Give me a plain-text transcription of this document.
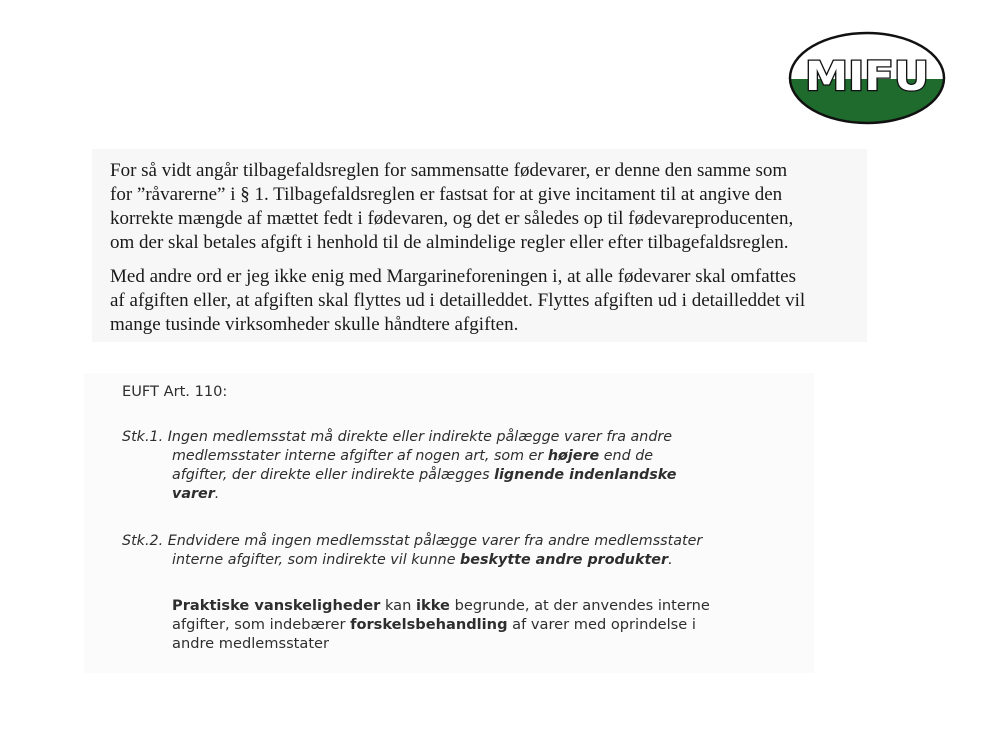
MIFU

For så vidt angår tilbagefaldsreglen for sammensatte fødevarer, er denne den samme som

for ”råvarerne” i § 1. Tilbagefaldsreglen er fastsat for at give incitament til at angive den

korrekte mængde af mættet fedt i fødevaren, og det er således op til fødevareproducenten,

om der skal betales afgift i henhold til de almindelige regler eller efter tilbagefaldsreglen.

Med andre ord er jeg ikke enig med Margarineforeningen i, at alle fødevarer skal omfattes

af afgiften eller, at afgiften skal flyttes ud i detailleddet. Flyttes afgiften ud i detailleddet vil

mange tusinde virksomheder skulle håndtere afgiften.

EUFT Art. 110:
Stk.1. Ingen medlemsstat må direkte eller indirekte pålægge varer fra andre
medlemsstater interne afgifter af nogen art, som er højere end de
afgifter, der direkte eller indirekte pålægges lignende indenlandske
varer.
Stk.2. Endvidere må ingen medlemsstat pålægge varer fra andre medlemsstater
interne afgifter, som indirekte vil kunne beskytte andre produkter.
Praktiske vanskeligheder kan ikke begrunde, at der anvendes interne
afgifter, som indebærer forskelsbehandling af varer med oprindelse i
andre medlemsstater
